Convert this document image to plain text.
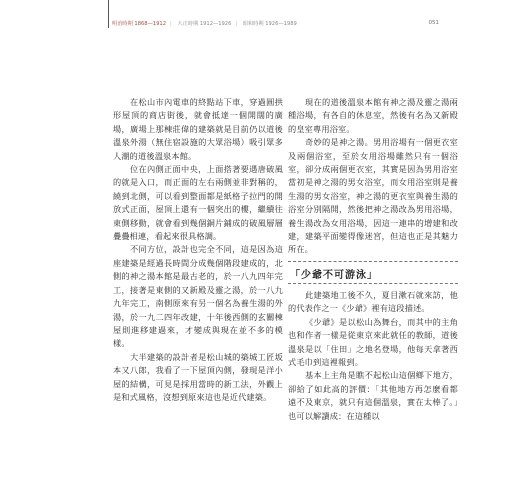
明治時期 1868—1912 | 大正時期 1912—1926 | 昭和時期 1926—1989	051

在松山市內電車的終點站下車，穿過圓拱形屋頂的商店街後，就會抵達一個開闊的廣場，廣場上那棟莊偉的建築就是目前仍以道後溫泉外湯（無住宿設施的大眾浴場）吸引眾多人潮的道後溫泉本館。

位在內側正面中央，上面搭著要遇唐破風的就是入口，而正面的左右兩側並非對稱的，繞到北側，可以看到整面都是紙格子拉門的開放式正面，屋頂上還有一個突出的樓，繼續往東側移動，就會看到幾個銅片鋪成的破風層層疊疊相連，看起來很具格調。

不同方位，設計也完全不同，這是因為這座建築是經過長時間分成幾個階段建成的，北側的神之湯本館是最古老的，於一八九四年完工，接著是東側的又新殿及靈之湯，於一八九九年完工，南側原來有另一個名為養生湯的外湯，於一九二四年改建，十年後西側的玄關棟屋則進移建過來，才變成與現在並不多的模樣。

大半建築的設計者是松山城的築城工匠坂本又八郎，我看了一下屋頂內側，發現是洋小屋的結構，可見是採用當時的新工法，外觀上是和式風格，沒想到原來這也是近代建築。

現在的道後溫泉本館有神之湯及靈之湯兩種浴場，有各自的休息室，然後有名為又新殿的皇室專用浴室。

奇妙的是神之湯。男用浴場有一個更衣室及兩個浴室，至於女用浴場雖然只有一個浴室，卻分成兩個更衣室，其實是因為男用浴室當初是神之湯的男女浴室，而女用浴室則是養生湯的男女浴室，神之湯的更衣室與養生湯的浴室分別隔開，然後把神之湯改為男用浴場，養生湯改為女用浴場，因這一連串的增建和改建，建築平面變得像迷宮，但這也正是其魅力所在。

「少爺不可游泳」

此建築地工後不久，夏目漱石就來訪，他的代表作之一《少爺》裡有這段描述。

《少爺》是以松山為舞台，而其中的主角也和作者一樣是從東京來此就任的教師，道後溫泉是以「住田」之地名登場，他每天拿著西式毛巾到這裡報到。

基本上主角是瞧不起松山這個鄉下地方，卻給了如此高的評價：「其他地方再怎麼看都遠不及東京，就只有這個溫泉，實在太棒了。」也可以解讀成：在這種以
